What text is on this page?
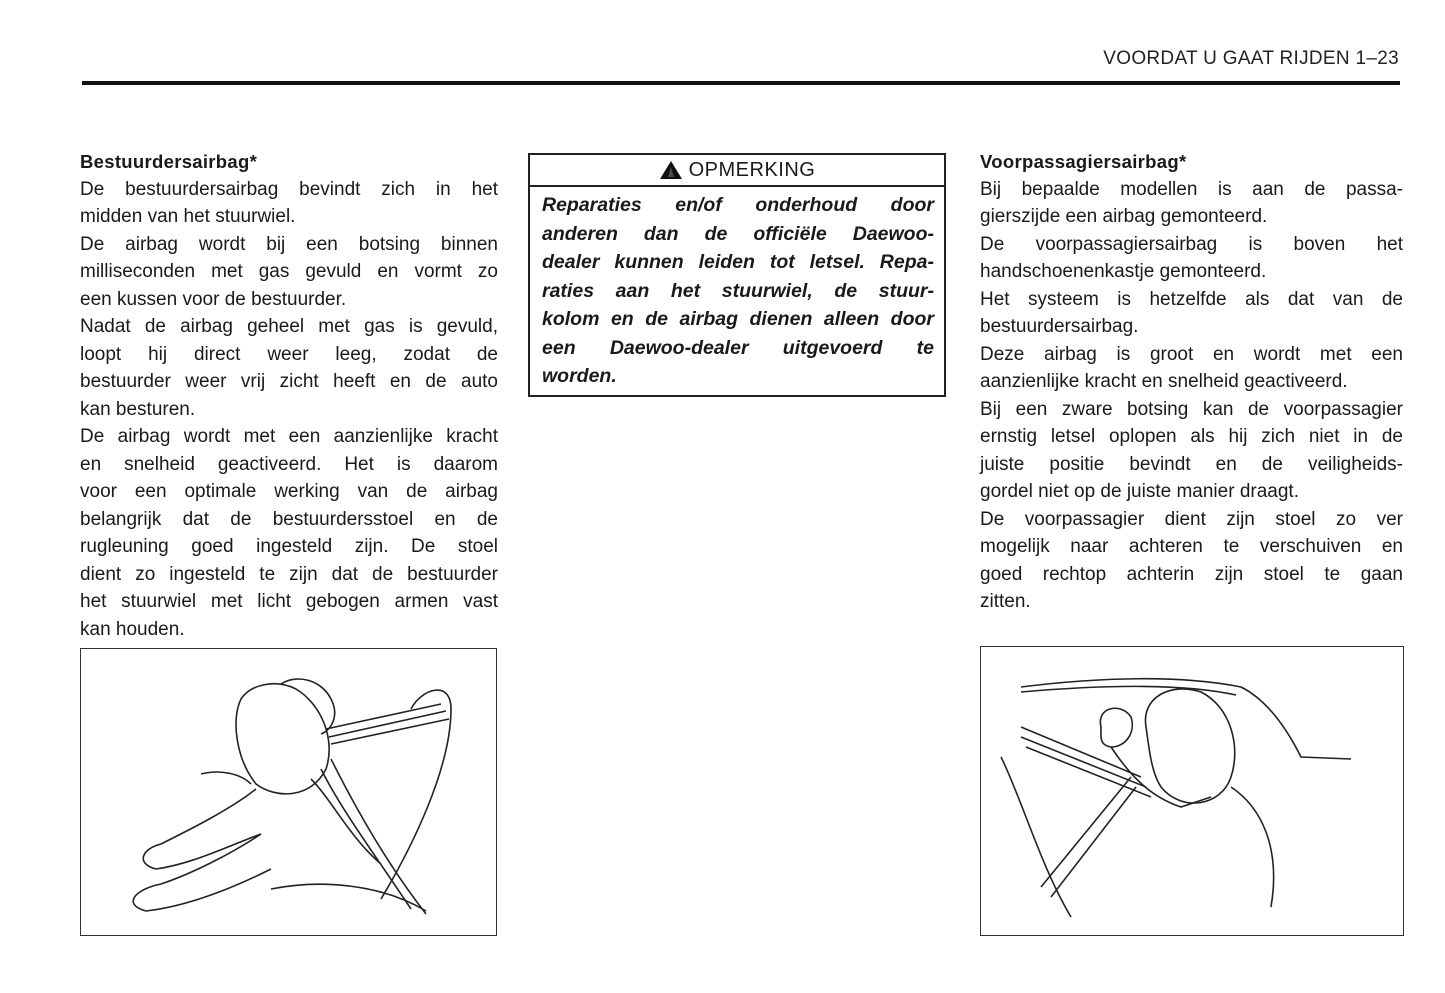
VOORDAT U GAAT RIJDEN 1–23
Bestuurdersairbag*
De bestuurdersairbag bevindt zich in het
midden van het stuurwiel.
De airbag wordt bij een botsing binnen
milliseconden met gas gevuld en vormt zo
een kussen voor de bestuurder.
Nadat de airbag geheel met gas is gevuld,
loopt hij direct weer leeg, zodat de
bestuurder weer vrij zicht heeft en de auto
kan besturen.
De airbag wordt met een aanzienlijke kracht
en snelheid geactiveerd. Het is daarom
voor een optimale werking van de airbag
belangrijk dat de bestuurdersstoel en de
rugleuning goed ingesteld zijn. De stoel
dient zo ingesteld te zijn dat de bestuurder
het stuurwiel met licht gebogen armen vast
kan houden.
OPMERKING
Reparaties en/of onderhoud door
anderen dan de officiële Daewoo-
dealer kunnen leiden tot letsel. Repa-
raties aan het stuurwiel, de stuur-
kolom en de airbag dienen alleen door
een Daewoo-dealer uitgevoerd te
worden.
Voorpassagiersairbag*
Bij bepaalde modellen is aan de passa-
gierszijde een airbag gemonteerd.
De voorpassagiersairbag is boven het
handschoenenkastje gemonteerd.
Het systeem is hetzelfde als dat van de
bestuurdersairbag.
Deze airbag is groot en wordt met een
aanzienlijke kracht en snelheid geactiveerd.
Bij een zware botsing kan de voorpassagier
ernstig letsel oplopen als hij zich niet in de
juiste positie bevindt en de veiligheids-
gordel niet op de juiste manier draagt.
De voorpassagier dient zijn stoel zo ver
mogelijk naar achteren te verschuiven en
goed rechtop achterin zijn stoel te gaan
zitten.
